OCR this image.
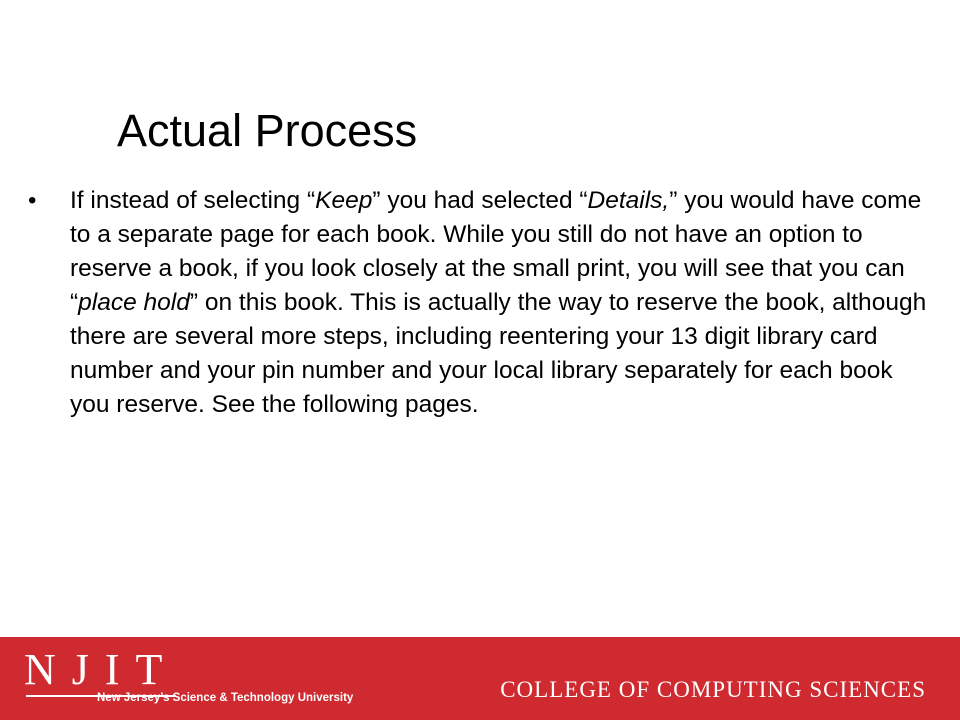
Actual Process
•	If instead of selecting “Keep” you had selected “Details,” you would have come to a separate page for each book. While you still do not have an option to reserve a book, if you look closely at the small print, you will see that you can “place hold” on this book. This is actually the way to reserve the book, although there are several more steps, including reentering your 13 digit library card number and your pin number and your local library separately for each book you reserve. See the following pages.
NJIT
New Jersey’s Science & Technology University	COLLEGE OF COMPUTING SCIENCES
